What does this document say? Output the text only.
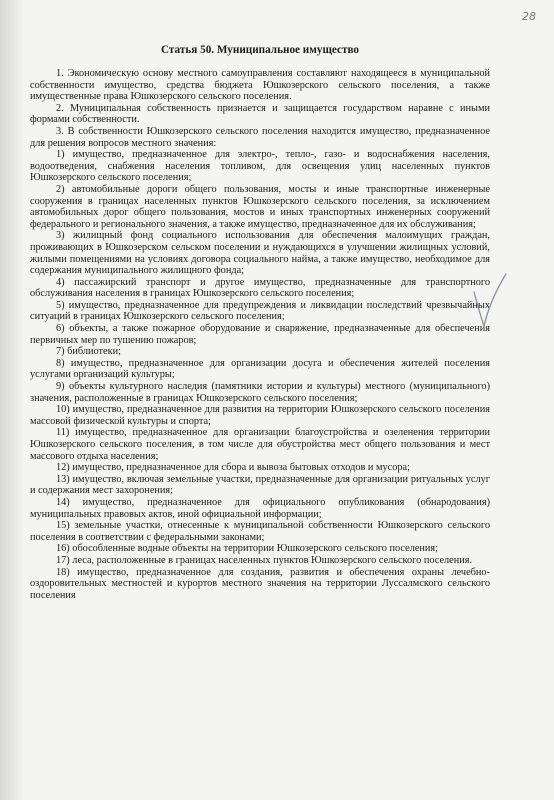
28
Статья 50. Муниципальное имущество

1. Экономическую основу местного самоуправления составляют находящееся в муниципальной собственности имущество, средства бюджета Юшкозерского сельского поселения, а также имущественные права Юшкозерского сельского поселения.

2. Муниципальная собственность признается и защищается государством наравне с иными формами собственности.

3. В собственности Юшкозерского сельского поселения находится имущество, предназначенное для решения вопросов местного значения:

1) имущество, предназначенное для электро-, тепло-, газо- и водоснабжения населения, водоотведения, снабжения населения топливом, для освещения улиц населенных пунктов Юшкозерского сельского поселения;

2) автомобильные дороги общего пользования, мосты и иные транспортные инженерные сооружения в границах населенных пунктов Юшкозерского сельского поселения, за исключением автомобильных дорог общего пользования, мостов и иных транспортных инженерных сооружений федерального и регионального значения, а также имущество, предназначенное для их обслуживания;

3) жилищный фонд социального использования для обеспечения малоимущих граждан, проживающих в Юшкозерском сельском поселении и нуждающихся в улучшении жилищных условий, жилыми помещениями на условиях договора социального найма, а также имущество, необходимое для содержания муниципального жилищного фонда;

4) пассажирский транспорт и другое имущество, предназначенные для транспортного обслуживания населения в границах Юшкозерского сельского поселения;

5) имущество, предназначенное для предупреждения и ликвидации последствий чрезвычайных ситуаций в границах Юшкозерского сельского поселения;

6) объекты, а также пожарное оборудование и снаряжение, предназначенные для обеспечения первичных мер по тушению пожаров;

7) библиотеки;

8) имущество, предназначенное для организации досуга и обеспечения жителей поселения услугами организаций культуры;

9) объекты культурного наследия (памятники истории и культуры) местного (муниципального) значения, расположенные в границах Юшкозерского сельского поселения;

10) имущество, предназначенное для развития на территории Юшкозерского сельского поселения массовой физической культуры и спорта;

11) имущество, предназначенное для организации благоустройства и озеленения территории Юшкозерского сельского поселения, в том числе для обустройства мест общего пользования и мест массового отдыха населения;

12) имущество, предназначенное для сбора и вывоза бытовых отходов и мусора;

13) имущество, включая земельные участки, предназначенные для организации ритуальных услуг и содержания мест захоронения;

14) имущество, предназначенное для официального опубликования (обнародования) муниципальных правовых актов, иной официальной информации;

15) земельные участки, отнесенные к муниципальной собственности Юшкозерского сельского поселения в соответствии с федеральными законами;

16) обособленные водные объекты на территории Юшкозерского сельского поселения;

17) леса, расположенные в границах населенных пунктов Юшкозерского сельского поселения.

18) имущество, предназначенное для создания, развития и обеспечения охраны лечебно-оздоровительных местностей и курортов местного значения на территории Луссалмского сельского поселения
